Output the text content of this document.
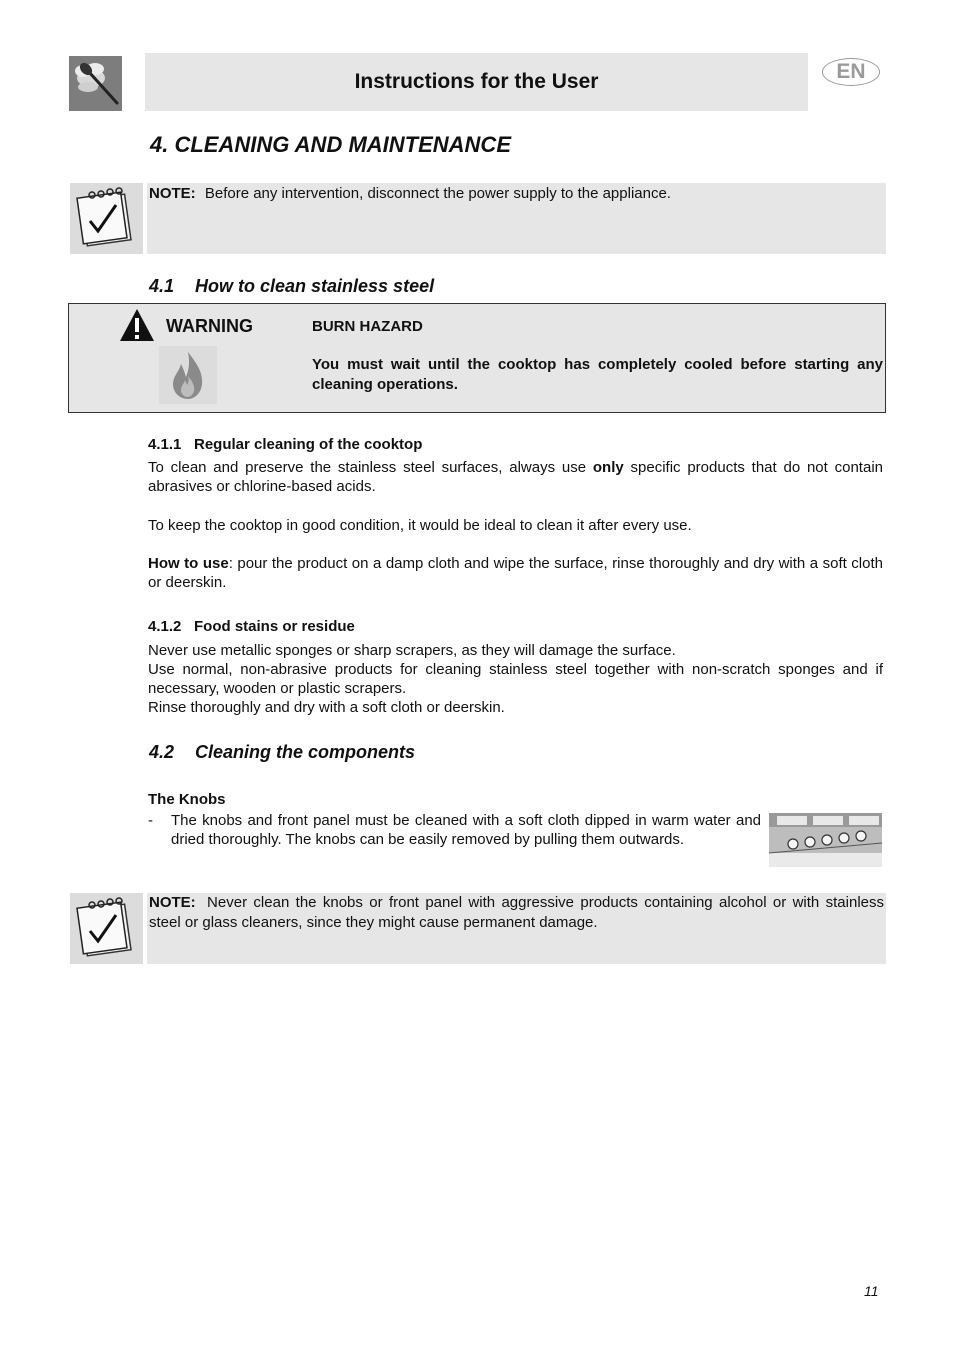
Instructions for the User	EN
4. CLEANING AND MAINTENANCE
NOTE: Before any intervention, disconnect the power supply to the appliance.
4.1 How to clean stainless steel
WARNING	BURN HAZARD
You must wait until the cooktop has completely cooled before starting any cleaning operations.
4.1.1 Regular cleaning of the cooktop
To clean and preserve the stainless steel surfaces, always use only specific products that do not contain abrasives or chlorine-based acids.
To keep the cooktop in good condition, it would be ideal to clean it after every use.
How to use: pour the product on a damp cloth and wipe the surface, rinse thoroughly and dry with a soft cloth or deerskin.
4.1.2 Food stains or residue
Never use metallic sponges or sharp scrapers, as they will damage the surface.
Use normal, non-abrasive products for cleaning stainless steel together with non-scratch sponges and if necessary, wooden or plastic scrapers.
Rinse thoroughly and dry with a soft cloth or deerskin.
4.2 Cleaning the components
The Knobs
- The knobs and front panel must be cleaned with a soft cloth dipped in warm water and dried thoroughly. The knobs can be easily removed by pulling them outwards.
NOTE: Never clean the knobs or front panel with aggressive products containing alcohol or with stainless steel or glass cleaners, since they might cause permanent damage.
11
